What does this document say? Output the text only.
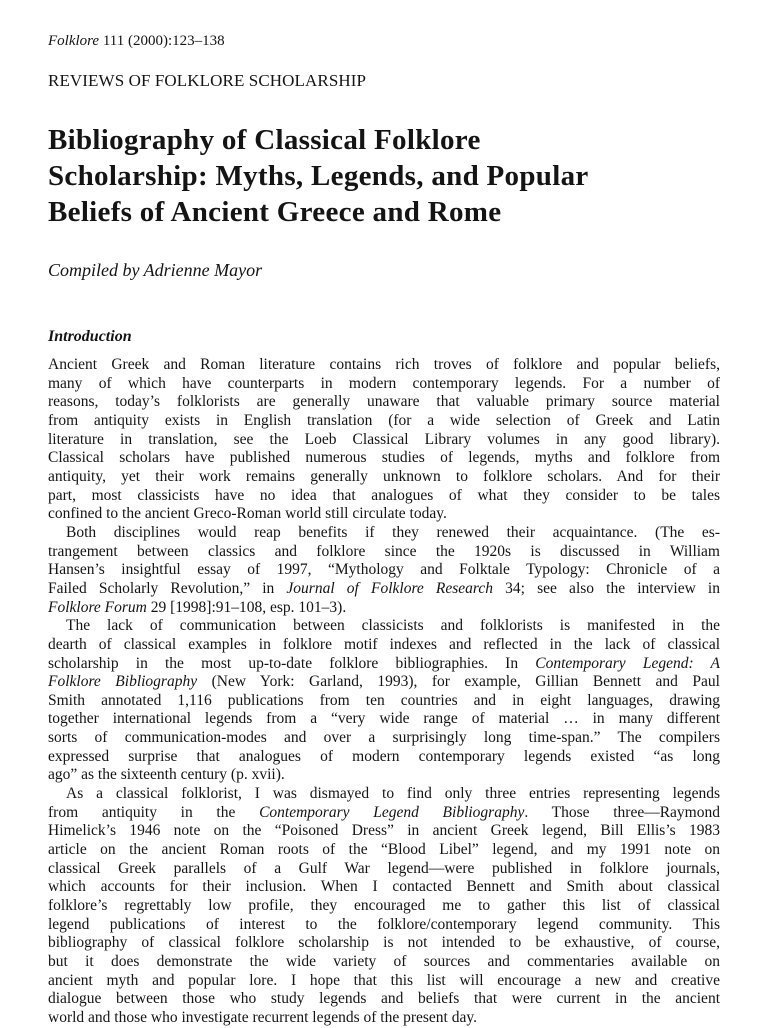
Folklore 111 (2000):123–138
REVIEWS OF FOLKLORE SCHOLARSHIP
Bibliography of Classical Folklore
Scholarship: Myths, Legends, and Popular
Beliefs of Ancient Greece and Rome
Compiled by Adrienne Mayor
Introduction

Ancient Greek and Roman literature contains rich troves of folklore and popular beliefs,
many of which have counterparts in modern contemporary legends. For a number of
reasons, today’s folklorists are generally unaware that valuable primary source material
from antiquity exists in English translation (for a wide selection of Greek and Latin
literature in translation, see the Loeb Classical Library volumes in any good library).
Classical scholars have published numerous studies of legends, myths and folklore from
antiquity, yet their work remains generally unknown to folklore scholars. And for their
part, most classicists have no idea that analogues of what they consider to be tales
confined to the ancient Greco-Roman world still circulate today.

Both disciplines would reap benefits if they renewed their acquaintance. (The es-
trangement between classics and folklore since the 1920s is discussed in William
Hansen’s insightful essay of 1997, “Mythology and Folktale Typology: Chronicle of a
Failed Scholarly Revolution,” in Journal of Folklore Research 34; see also the interview in
Folklore Forum 29 [1998]:91–108, esp. 101–3).

The lack of communication between classicists and folklorists is manifested in the
dearth of classical examples in folklore motif indexes and reflected in the lack of classical
scholarship in the most up-to-date folklore bibliographies. In Contemporary Legend: A
Folklore Bibliography (New York: Garland, 1993), for example, Gillian Bennett and Paul
Smith annotated 1,116 publications from ten countries and in eight languages, drawing
together international legends from a “very wide range of material … in many different
sorts of communication-modes and over a surprisingly long time-span.” The compilers
expressed surprise that analogues of modern contemporary legends existed “as long
ago” as the sixteenth century (p. xvii).

As a classical folklorist, I was dismayed to find only three entries representing legends
from antiquity in the Contemporary Legend Bibliography. Those three—Raymond
Himelick’s 1946 note on the “Poisoned Dress” in ancient Greek legend, Bill Ellis’s 1983
article on the ancient Roman roots of the “Blood Libel” legend, and my 1991 note on
classical Greek parallels of a Gulf War legend—were published in folklore journals,
which accounts for their inclusion. When I contacted Bennett and Smith about classical
folklore’s regrettably low profile, they encouraged me to gather this list of classical
legend publications of interest to the folklore/contemporary legend community. This
bibliography of classical folklore scholarship is not intended to be exhaustive, of course,
but it does demonstrate the wide variety of sources and commentaries available on
ancient myth and popular lore. I hope that this list will encourage a new and creative
dialogue between those who study legends and beliefs that were current in the ancient
world and those who investigate recurrent legends of the present day.
